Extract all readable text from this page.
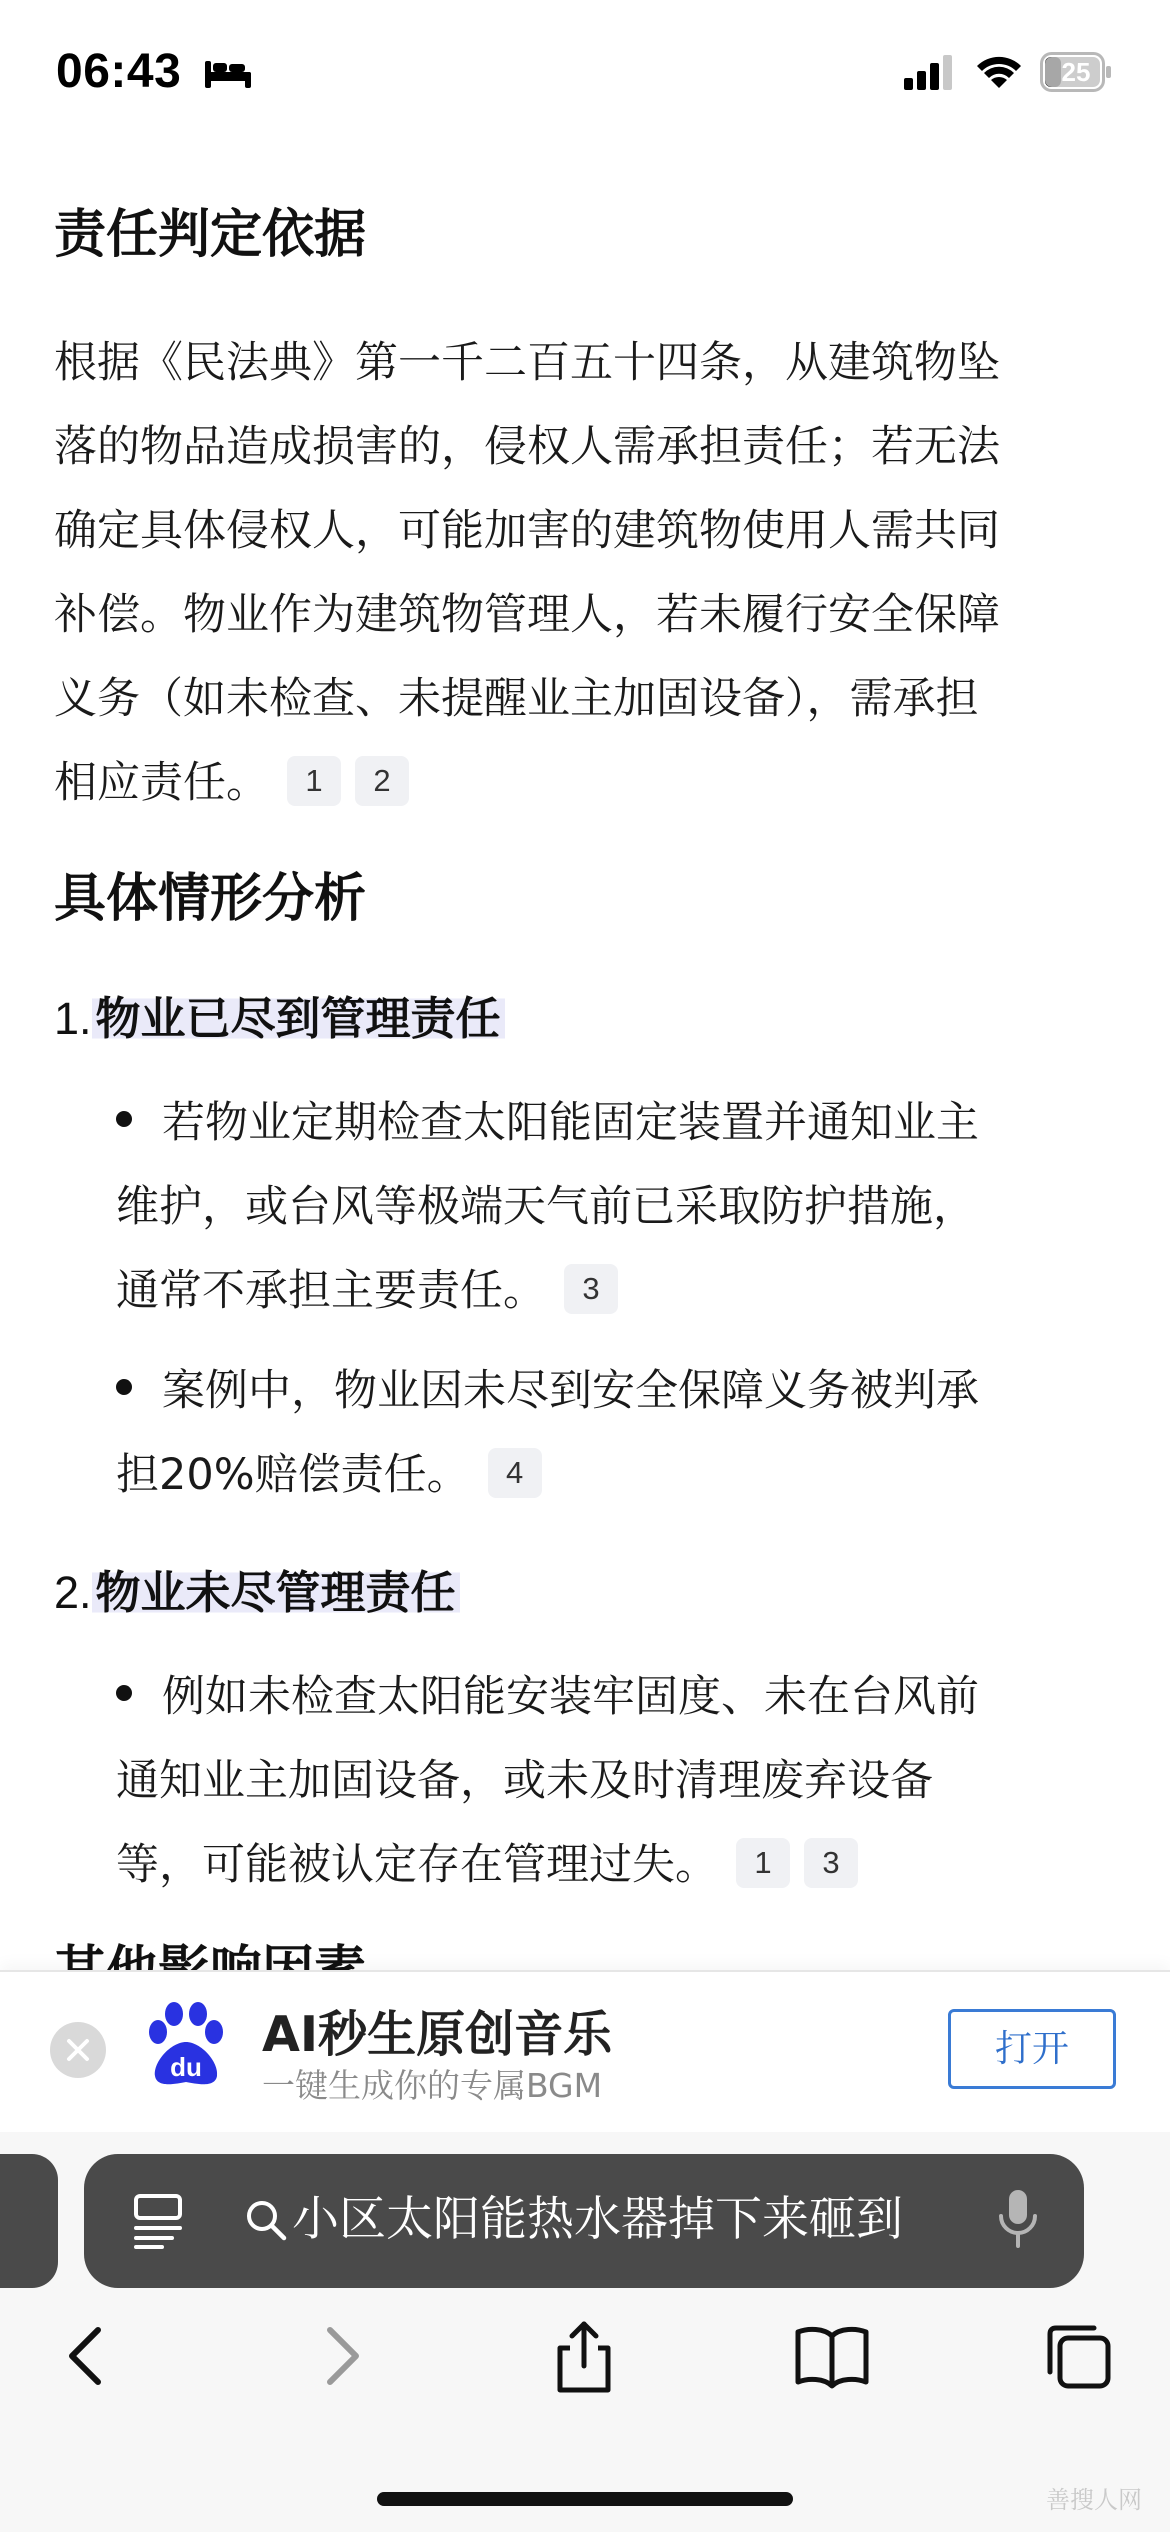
06:43	25
责任判定依据

根据《民法典》第一千二百五十四条，从建筑物坠

落的物品造成损害的，侵权人需承担责任；若无法

确定具体侵权人，可能加害的建筑物使用人需共同

补偿。物业作为建筑物管理人，若未履行安全保障

义务（如未检查、未提醒业主加固设备），需承担

相应责任。 1 2

具体情形分析

1.物业已尽到管理责任

若物业定期检查太阳能固定装置并通知业主

维护，或台风等极端天气前已采取防护措施，

通常不承担主要责任。 3

案例中，物业因未尽到安全保障义务被判承

担20%赔偿责任。 4

2.物业未尽管理责任

例如未检查太阳能安装牢固度、未在台风前

通知业主加固设备，或未及时清理废弃设备

等，可能被认定存在管理过失。 1 3

du
AI秒生原创音乐
一键生成你的专属BGM
打开
小区太阳能热水器掉下来砸到
善搜人网
